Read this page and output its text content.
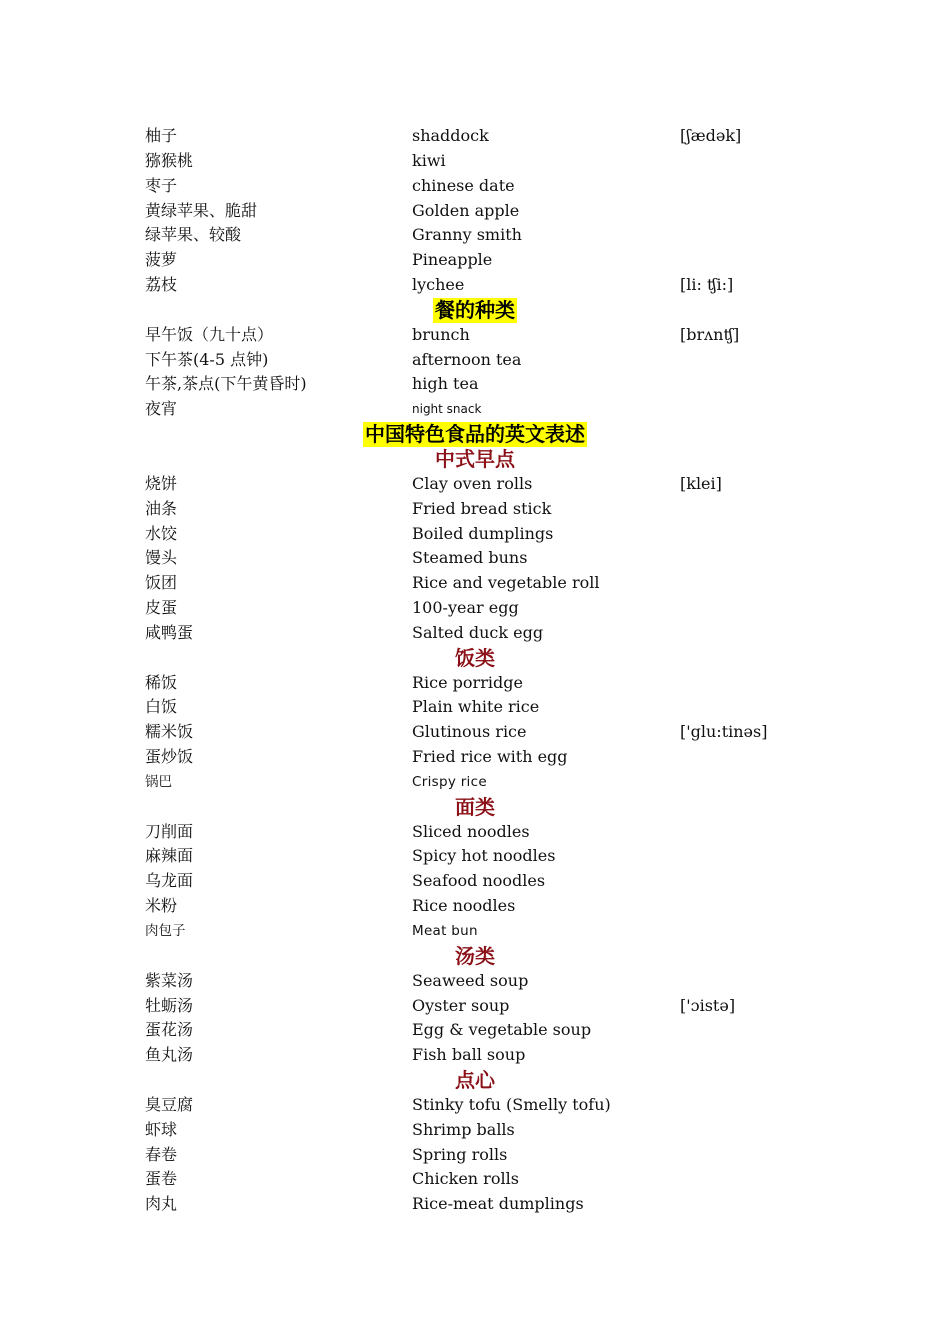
柚子	shaddock	[ʃædək]
猕猴桃	kiwi
枣子	chinese date
黄绿苹果、脆甜	Golden apple
绿苹果、较酸	Granny smith
菠萝	Pineapple
荔枝	lychee	[li: ʧi:]
餐的种类
早午饭（九十点）	brunch	[brʌnʧ]
下午茶(4-5 点钟)	afternoon tea
午茶,茶点(下午黄昏时)	high tea
夜宵	night snack
中国特色食品的英文表述
中式早点
烧饼	Clay oven rolls	[klei]
油条	Fried bread stick
水饺	Boiled dumplings
馒头	Steamed buns
饭团	Rice and vegetable roll
皮蛋	100-year egg
咸鸭蛋	Salted duck egg
饭类
稀饭	Rice porridge
白饭	Plain white rice
糯米饭	Glutinous rice	['glu:tinəs]
蛋炒饭	Fried rice with egg
锅巴	Crispy rice
面类
刀削面	Sliced noodles
麻辣面	Spicy hot noodles
乌龙面	Seafood noodles
米粉	Rice noodles
肉包子	Meat bun
汤类
紫菜汤	Seaweed soup
牡蛎汤	Oyster soup	['ɔistə]
蛋花汤	Egg & vegetable soup
鱼丸汤	Fish ball soup
点心
臭豆腐	Stinky tofu (Smelly tofu)
虾球	Shrimp balls
春卷	Spring rolls
蛋卷	Chicken rolls
肉丸	Rice-meat dumplings
